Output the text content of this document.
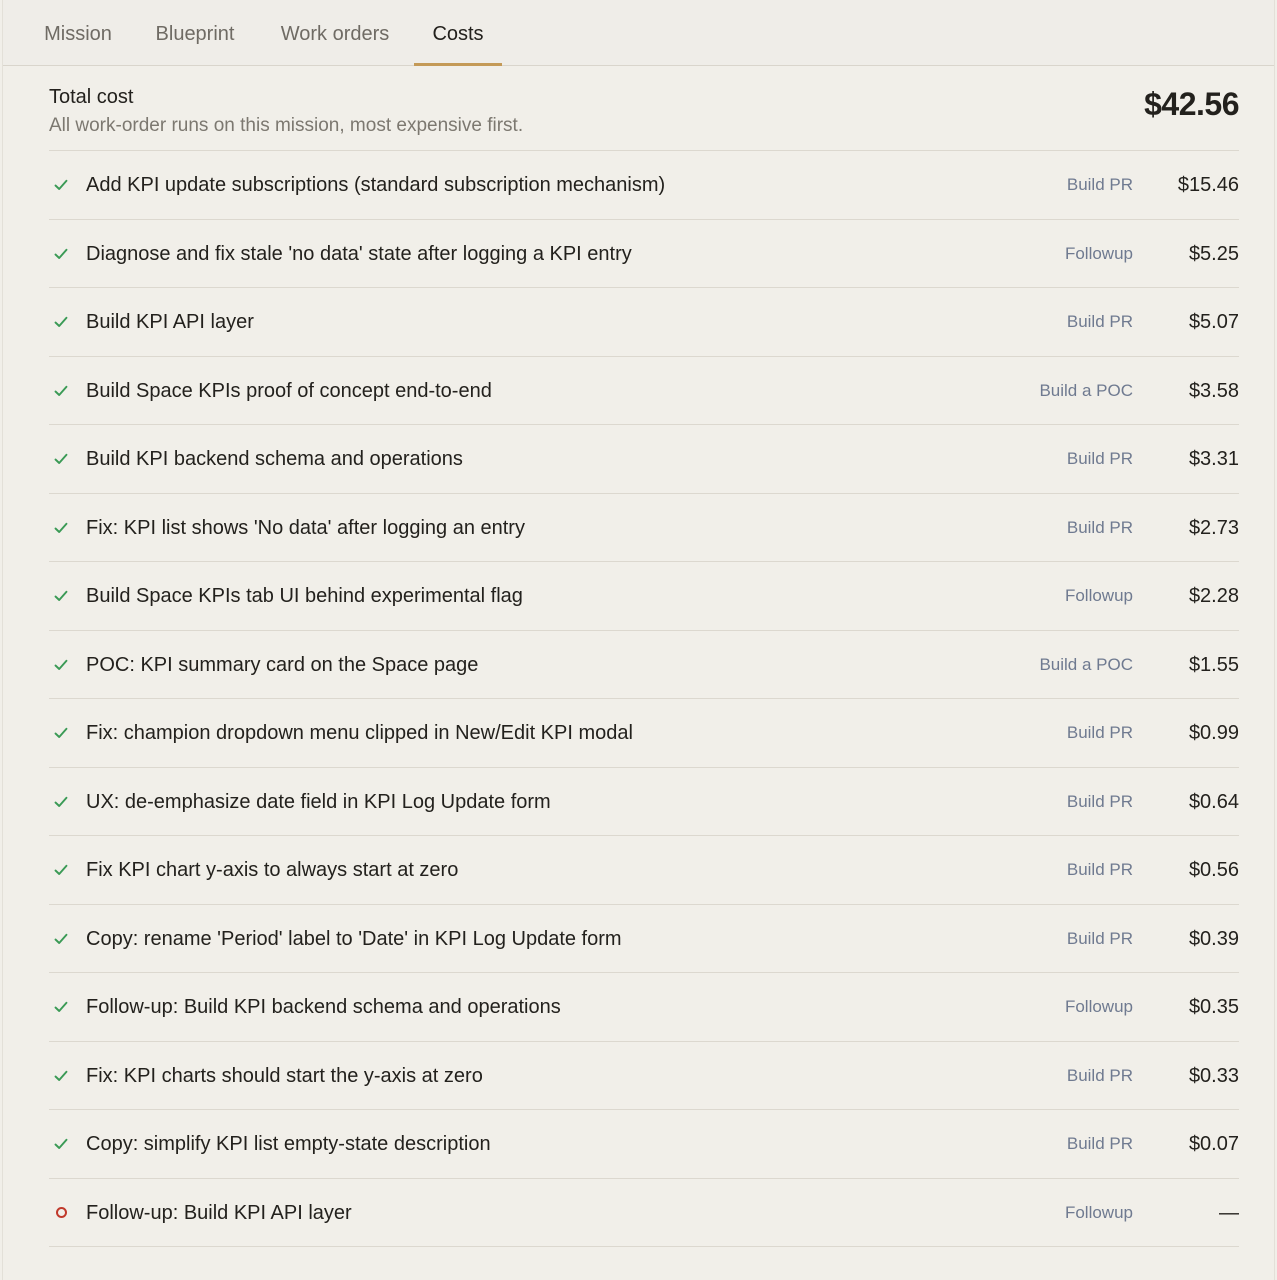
Mission Blueprint Work orders	Costs
Total cost
All work-order runs on this mission, most expensive first.
$42.56
Add KPI update subscriptions (standard subscription mechanism)	Build PR $15.46
Diagnose and fix stale 'no data' state after logging a KPI entry	Followup	$5.25
Build KPI API layer	Build PR	$5.07
Build Space KPIs proof of concept end-to-end	Build a POC	$3.58
Build KPI backend schema and operations	Build PR	$3.31
Fix: KPI list shows 'No data' after logging an entry	Build PR	$2.73
Build Space KPIs tab UI behind experimental flag	Followup	$2.28
POC: KPI summary card on the Space page	Build a POC	$1.55
Fix: champion dropdown menu clipped in New/Edit KPI modal	Build PR	$0.99
UX: de-emphasize date field in KPI Log Update form	Build PR	$0.64
Fix KPI chart y-axis to always start at zero	Build PR	$0.56
Copy: rename 'Period' label to 'Date' in KPI Log Update form	Build PR	$0.39
Follow-up: Build KPI backend schema and operations	Followup	$0.35
Fix: KPI charts should start the y-axis at zero	Build PR	$0.33
Copy: simplify KPI list empty-state description	Build PR	$0.07
Follow-up: Build KPI API layer	Followup	—
